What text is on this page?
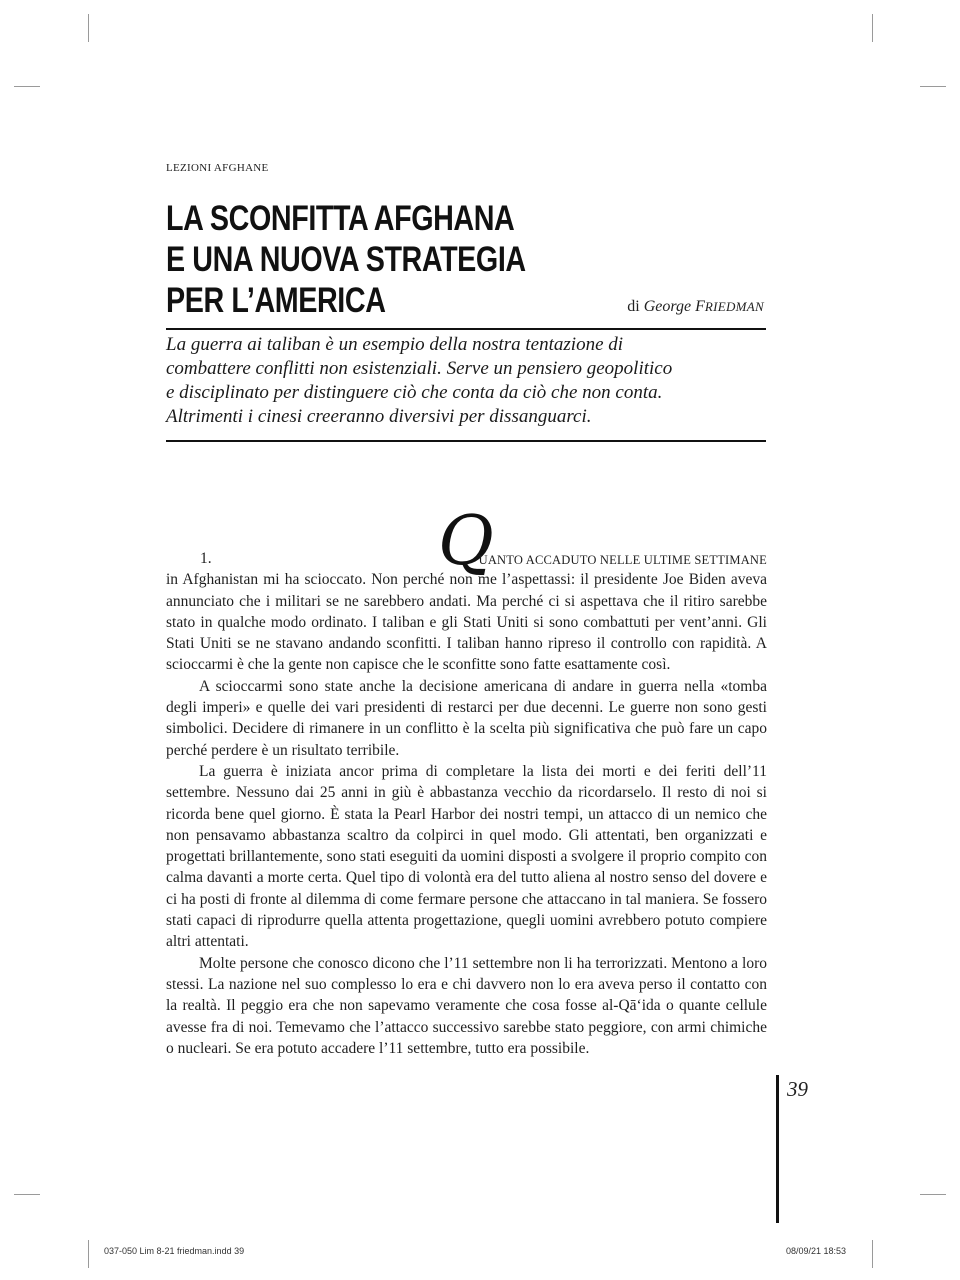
LEZIONI AFGHANE
LA SCONFITTA AFGHANA
E UNA NUOVA STRATEGIA
PER L’AMERICA	di George FRIEDMAN
La guerra ai taliban è un esempio della nostra tentazione di
combattere conflitti non esistenziali. Serve un pensiero geopolitico
e disciplinato per distinguere ciò che conta da ciò che non conta.
Altrimenti i cinesi creeranno diversivi per dissanguarci.
1.	Q
UANTO ACCADUTO NELLE ULTIME SETTIMANE

in Afghanistan mi ha scioccato. Non perché non me l’aspettassi: il presidente Joe Biden aveva annunciato che i militari se ne sarebbero andati. Ma perché ci si aspettava che il ritiro sarebbe stato in qualche modo ordinato. I taliban e gli Stati Uniti si sono combattuti per vent’anni. Gli Stati Uniti se ne stavano andando sconfitti. I taliban hanno ripreso il controllo con rapidità. A scioccarmi è che la gente non capisce che le sconfitte sono fatte esattamente così.

A scioccarmi sono state anche la decisione americana di andare in guerra nella «tomba degli imperi» e quelle dei vari presidenti di restarci per due decenni. Le guerre non sono gesti simbolici. Decidere di rimanere in un conflitto è la scelta più significativa che può fare un capo perché perdere è un risultato terribile.

La guerra è iniziata ancor prima di completare la lista dei morti e dei feriti dell’11 settembre. Nessuno dai 25 anni in giù è abbastanza vecchio da ricordarselo. Il resto di noi si ricorda bene quel giorno. È stata la Pearl Harbor dei nostri tempi, un attacco di un nemico che non pensavamo abbastanza scaltro da colpirci in quel modo. Gli attentati, ben organizzati e progettati brillantemente, sono stati eseguiti da uomini disposti a svolgere il proprio compito con calma davanti a morte certa. Quel tipo di volontà era del tutto aliena al nostro senso del dovere e ci ha posti di fronte al dilemma di come fermare persone che attaccano in tal maniera. Se fossero stati capaci di riprodurre quella attenta progettazione, quegli uomini avrebbero potuto compiere altri attentati.

Molte persone che conosco dicono che l’11 settembre non li ha terrorizzati. Mentono a loro stessi. La nazione nel suo complesso lo era e chi davvero non lo era aveva perso il contatto con la realtà. Il peggio era che non sapevamo veramente che cosa fosse al-Qā‘ida o quante cellule avesse fra di noi. Temevamo che l’attacco successivo sarebbe stato peggiore, con armi chimiche o nucleari. Se era potuto accadere l’11 settembre, tutto era possibile.

39
037-050 Lim 8-21 friedman.indd 39	08/09/21 18:53
